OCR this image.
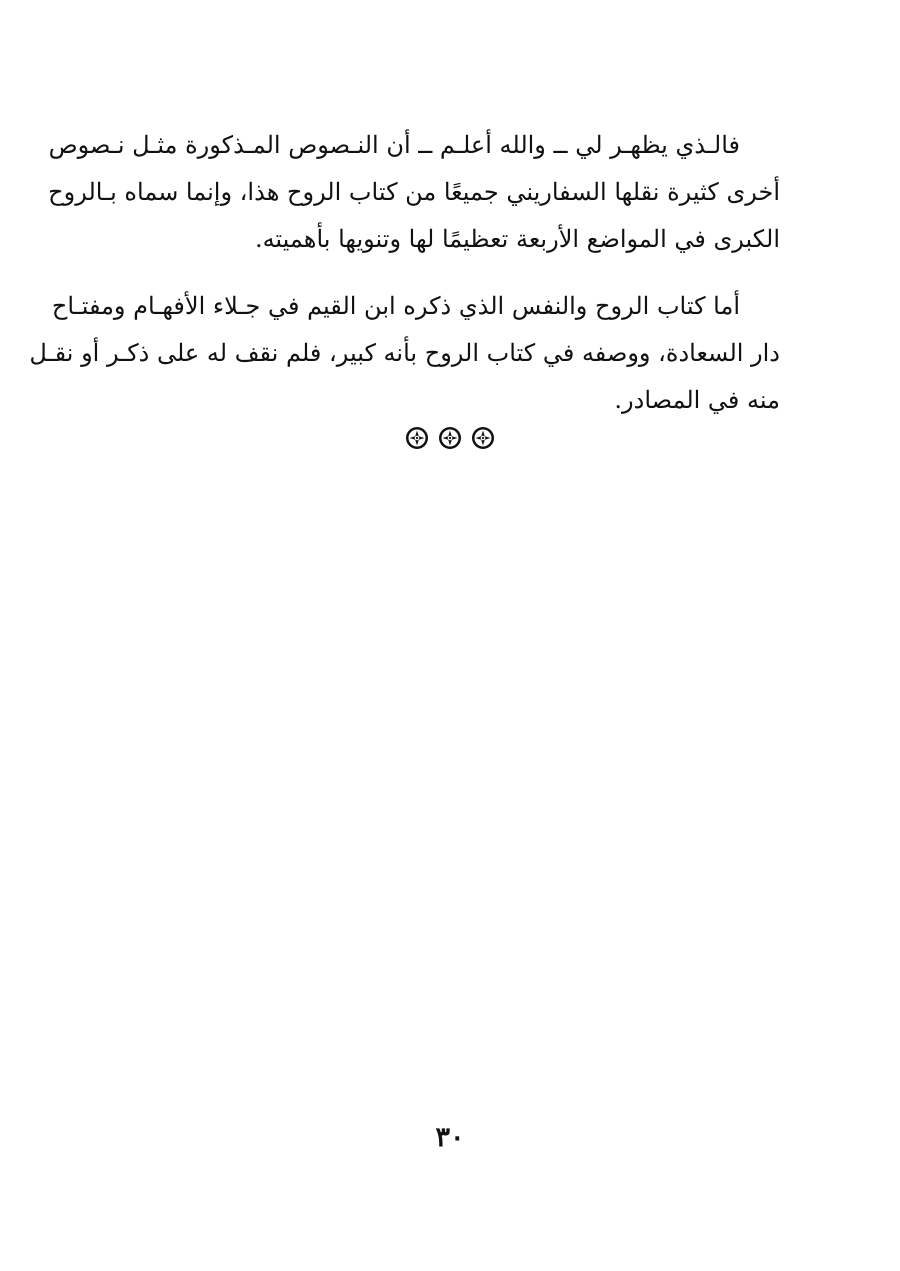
فالـذي يظهـر لي ــ والله أعلـم ــ أن النـصوص المـذكورة مثـل نـصوص
أخرى كثيرة نقلها السفاريني جميعًا من كتاب الروح هذا، وإنما سماه بـالروح
الكبرى في المواضع الأربعة تعظيمًا لها وتنويها بأهميته.

أما كتاب الروح والنفس الذي ذكره ابن القيم في جـلاء الأفهـام ومفتـاح
دار السعادة، ووصفه في كتاب الروح بأنه كبير، فلم نقف له على ذكـر أو نقـل
منه في المصادر.

٣٠
